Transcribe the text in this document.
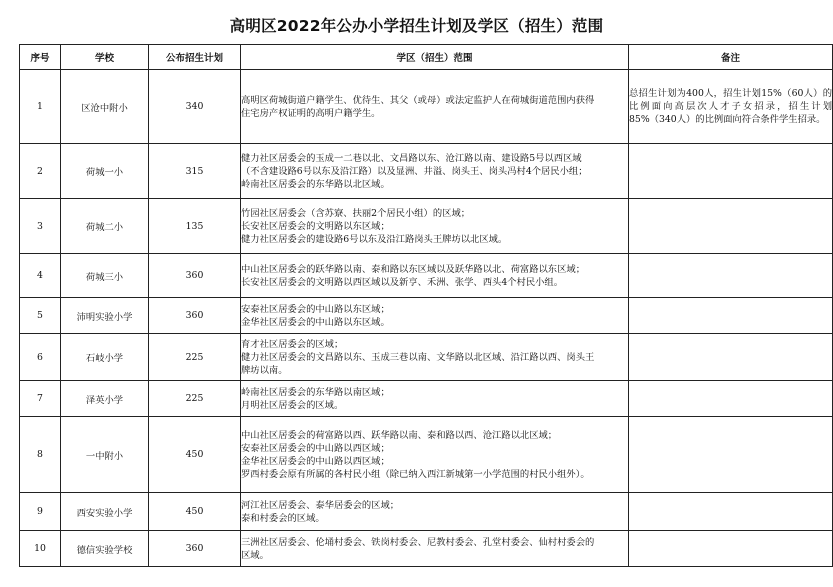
高明区2022年公办小学招生计划及学区（招生）范围
序号	学校	公布招生计划	学区（招生）范围	备注
1	区沧中附小	340	高明区荷城街道户籍学生、优待生、其父（或母）或法定监护人在荷城街道范围内获得
住宅房产权证明的高明户籍学生。	总招生计划为400人，招生计划15%（60人）的比例面向高层次人才子女招录，招生计划85%（340人）的比例面向符合条件学生招录。

2	荷城一小	315	健力社区居委会的玉成一二巷以北、文昌路以东、沧江路以南、建设路5号以西区域
（不含建设路6号以东及沿江路）以及显洲、井溢、岗头王、岗头冯村4个居民小组；
岭南社区居委会的东华路以北区域。	

3	荷城二小	135	竹园社区居委会（含苏寮、扶丽2个居民小组）的区域；
长安社区居委会的文明路以东区域；
健力社区居委会的建设路6号以东及沿江路岗头王牌坊以北区域。	

4	荷城三小	360	中山社区居委会的跃华路以南、泰和路以东区域以及跃华路以北、荷富路以东区域；
长安社区居委会的文明路以西区域以及新亨、禾洲、张学、西头4个村民小组。	

5	沛明实验小学	360	安泰社区居委会的中山路以东区域；
金华社区居委会的中山路以东区域。	

6	石岐小学	225	育才社区居委会的区域；
健力社区居委会的文昌路以东、玉成三巷以南、文华路以北区域、沿江路以西、岗头王
牌坊以南。	

7	泽英小学	225	岭南社区居委会的东华路以南区域；
月明社区居委会的区域。	

8	一中附小	450	中山社区居委会的荷富路以西、跃华路以南、泰和路以西、沧江路以北区域；
安泰社区居委会的中山路以西区域；
金华社区居委会的中山路以西区域；
罗西村委会原有所属的各村民小组（除已纳入西江新城第一小学范围的村民小组外）。	

9	西安实验小学	450	河江社区居委会、泰华居委会的区域；
泰和村委会的区域。	

10	德信实验学校	360	三洲社区居委会、伦埇村委会、铁岗村委会、尼教村委会、孔堂村委会、仙村村委会的
区域。	
